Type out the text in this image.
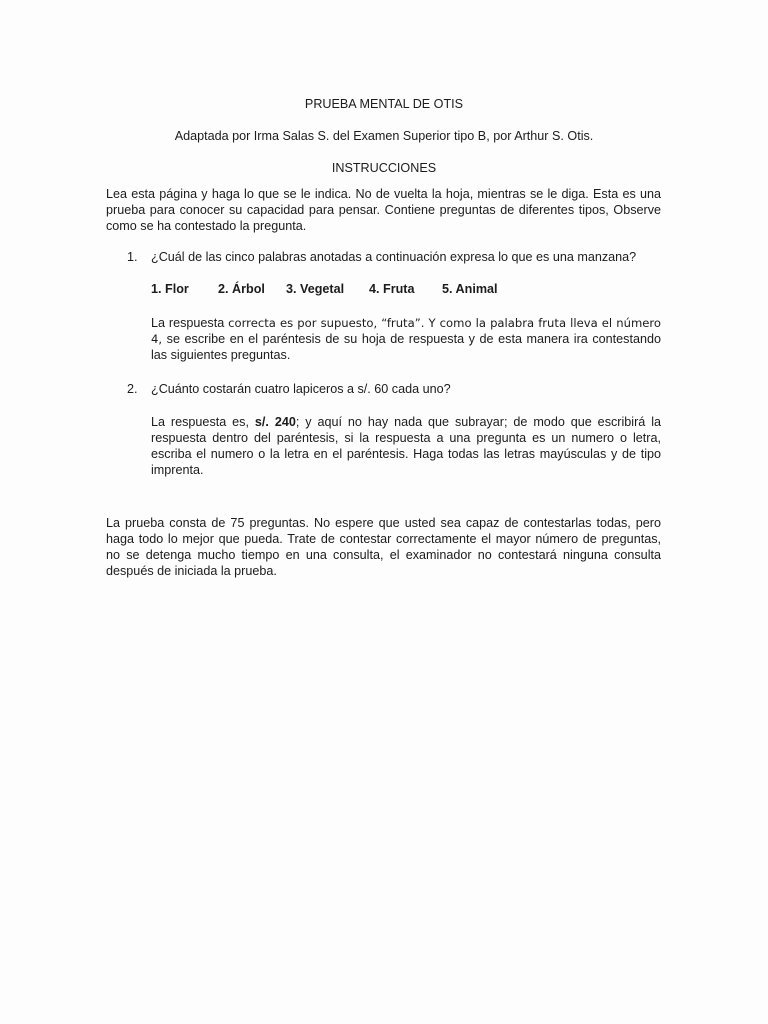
PRUEBA MENTAL DE OTIS
Adaptada por Irma Salas S. del Examen Superior tipo B, por Arthur S. Otis.
INSTRUCCIONES
Lea esta página y haga lo que se le indica. No de vuelta la hoja, mientras se le diga. Esta es una prueba para conocer su capacidad para pensar. Contiene preguntas de diferentes tipos, Observe como se ha contestado la pregunta.
1. ¿Cuál de las cinco palabras anotadas a continuación expresa lo que es una manzana?
1. Flor 2. Árbol 3. Vegetal 4. Fruta 5. Animal
La respuesta correcta es por supuesto, “fruta”. Y como la palabra fruta lleva el número 4, se escribe en el paréntesis de su hoja de respuesta y de esta manera ira contestando las siguientes preguntas.
2. ¿Cuánto costarán cuatro lapiceros a s/. 60 cada uno?
La respuesta es, s/. 240; y aquí no hay nada que subrayar; de modo que escribirá la respuesta dentro del paréntesis, si la respuesta a una pregunta es un numero o letra, escriba el numero o la letra en el paréntesis. Haga todas las letras mayúsculas y de tipo imprenta.
La prueba consta de 75 preguntas. No espere que usted sea capaz de contestarlas todas, pero haga todo lo mejor que pueda. Trate de contestar correctamente el mayor número de preguntas, no se detenga mucho tiempo en una consulta, el examinador no contestará ninguna consulta después de iniciada la prueba.
